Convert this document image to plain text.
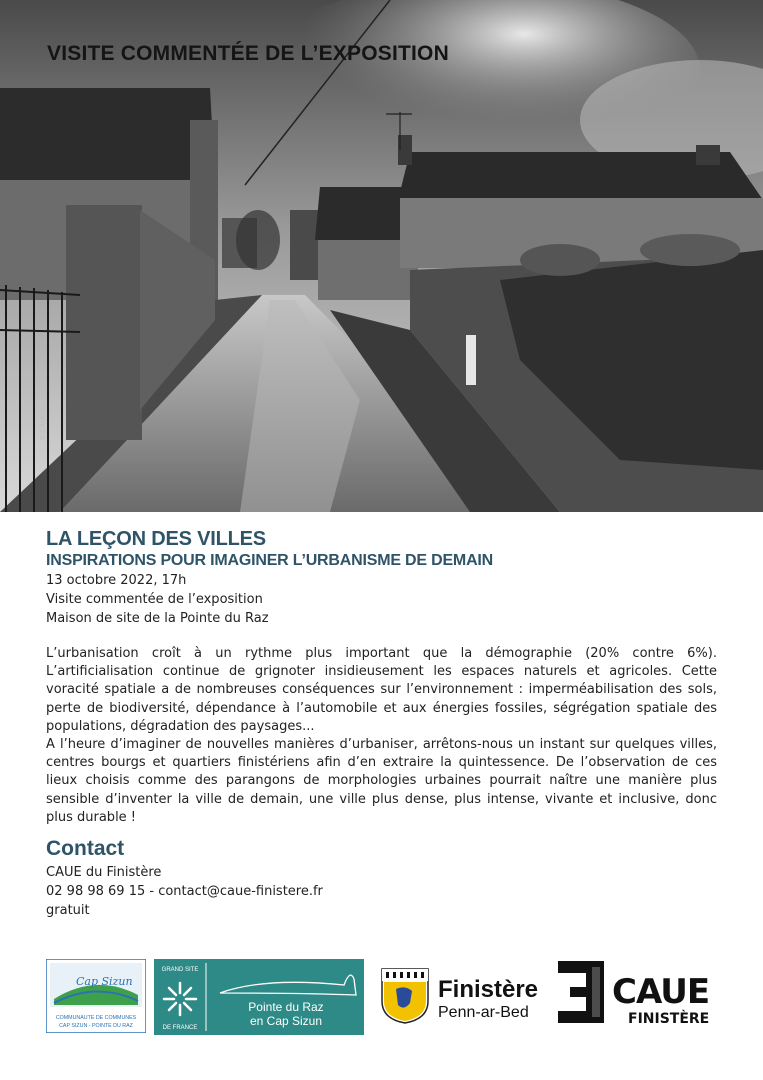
VISITE COMMENTÉE DE L’EXPOSITION
© CAUE29
LA LEÇON DES VILLES
INSPIRATIONS POUR IMAGINER L’URBANISME DE DEMAIN
13 octobre 2022, 17h
Visite commentée de l’exposition
Maison de site de la Pointe du Raz

L’urbanisation croît à un rythme plus important que la démographie (20% contre 6%). L’artificialisation continue de grignoter insidieusement les espaces naturels et agricoles. Cette voracité spatiale a de nombreuses conséquences sur l’environnement : imperméabilisation des sols, perte de biodiversité, dépendance à l’automobile et aux énergies fossiles, ségrégation spatiale des populations, dégradation des paysages...

A l’heure d’imaginer de nouvelles manières d’urbaniser, arrêtons-nous un instant sur quelques villes, centres bourgs et quartiers finistériens afin d’en extraire la quintessence. De l’observation de ces lieux choisis comme des parangons de morphologies urbaines pourrait naître une manière plus sensible d’inventer la ville de demain, une ville plus dense, plus intense, vivante et inclusive, donc plus durable !

Contact
CAUE du Finistère
02 98 98 69 15 - contact@caue-finistere.fr
gratuit
Cap Sizun
COMMUNAUTE DE COMMUNES
CAP SIZUN - POINTE DU RAZ
GRAND SITE
DE FRANCE
Pointe du Raz
en Cap Sizun
Finistère
Penn-ar-Bed
CAUE
FINISTÈRE
